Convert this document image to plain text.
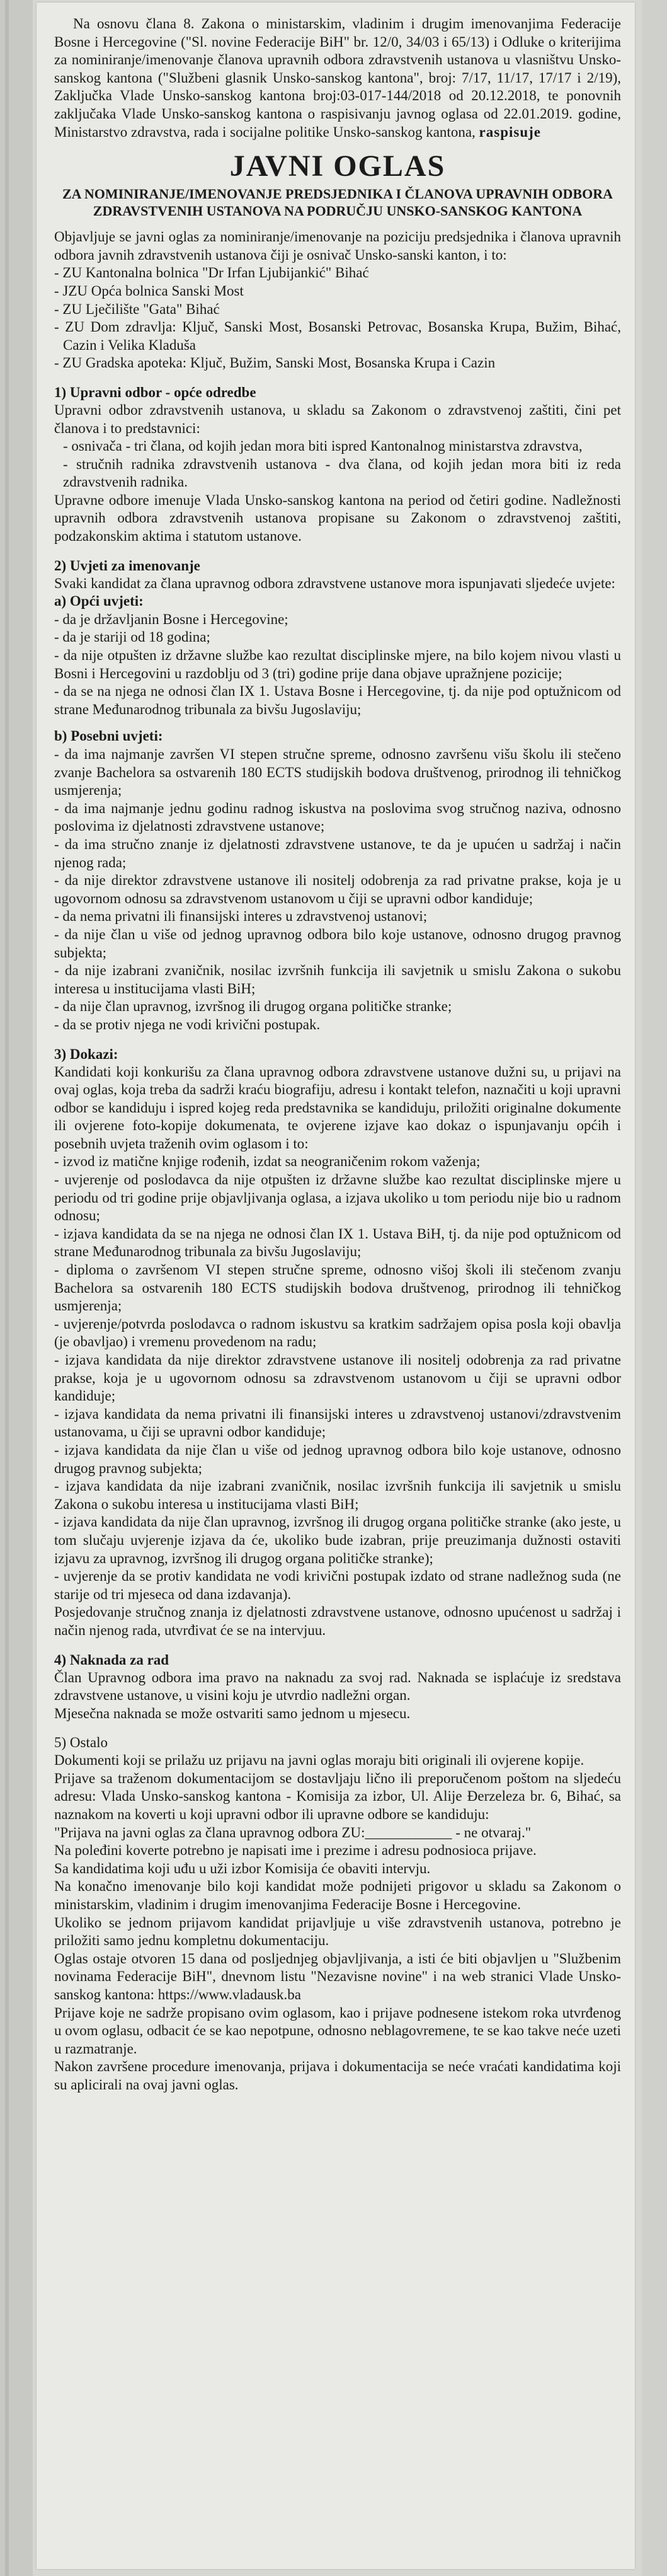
Na osnovu člana 8. Zakona o ministarskim, vladinim i drugim imenovanjima Federacije Bosne i Hercegovine ("Sl. novine Federacije BiH" br. 12/0, 34/03 i 65/13) i Odluke o kriterijima za nominiranje/imenovanje članova upravnih odbora zdravstvenih ustanova u vlasništvu Unsko-sanskog kantona ("Službeni glasnik Unsko-sanskog kantona", broj: 7/17, 11/17, 17/17 i 2/19), Zaključka Vlade Unsko-sanskog kantona broj:03-017-144/2018 od 20.12.2018, te ponovnih zaključaka Vlade Unsko-sanskog kantona o raspisivanju javnog oglasa od 22.01.2019. godine, Ministarstvo zdravstva, rada i socijalne politike Unsko-sanskog kantona, raspisuje

JAVNI OGLAS
ZA NOMINIRANJE/IMENOVANJE PREDSJEDNIKA I ČLANOVA UPRAVNIH ODBORA ZDRAVSTVENIH USTANOVA NA PODRUČJU UNSKO-SANSKOG KANTONA

Objavljuje se javni oglas za nominiranje/imenovanje na poziciju predsjednika i članova upravnih odbora javnih zdravstvenih ustanova čiji je osnivač Unsko-sanski kanton, i to:

- ZU Kantonalna bolnica "Dr Irfan Ljubijankić" Bihać
- JZU Opća bolnica Sanski Most
- ZU Lječilište "Gata" Bihać
- ZU Dom zdravlja: Ključ, Sanski Most, Bosanski Petrovac, Bosanska Krupa, Bužim, Bihać, Cazin i Velika Kladuša
- ZU Gradska apoteka: Ključ, Bužim, Sanski Most, Bosanska Krupa i Cazin
1) Upravni odbor - opće odredbe

Upravni odbor zdravstvenih ustanova, u skladu sa Zakonom o zdravstvenoj zaštiti, čini pet članova i to predstavnici:

- osnivača - tri člana, od kojih jedan mora biti ispred Kantonalnog ministarstva zdravstva,
- stručnih radnika zdravstvenih ustanova - dva člana, od kojih jedan mora biti iz reda zdravstvenih radnika.

Upravne odbore imenuje Vlada Unsko-sanskog kantona na period od četiri godine. Nadležnosti upravnih odbora zdravstvenih ustanova propisane su Zakonom o zdravstvenoj zaštiti, podzakonskim aktima i statutom ustanove.

2) Uvjeti za imenovanje

Svaki kandidat za člana upravnog odbora zdravstvene ustanove mora ispunjavati sljedeće uvjete:

a) Opći uvjeti:
- da je državljanin Bosne i Hercegovine;
- da je stariji od 18 godina;
- da nije otpušten iz državne službe kao rezultat disciplinske mjere, na bilo kojem nivou vlasti u Bosni i Hercegovini u razdoblju od 3 (tri) godine prije dana objave upražnjene pozicije;
- da se na njega ne odnosi član IX 1. Ustava Bosne i Hercegovine, tj. da nije pod optužnicom od strane Međunarodnog tribunala za bivšu Jugoslaviju;
b) Posebni uvjeti:
- da ima najmanje završen VI stepen stručne spreme, odnosno završenu višu školu ili stečeno zvanje Bachelora sa ostvarenih 180 ECTS studijskih bodova društvenog, prirodnog ili tehničkog usmjerenja;
- da ima najmanje jednu godinu radnog iskustva na poslovima svog stručnog naziva, odnosno poslovima iz djelatnosti zdravstvene ustanove;
- da ima stručno znanje iz djelatnosti zdravstvene ustanove, te da je upućen u sadržaj i način njenog rada;
- da nije direktor zdravstvene ustanove ili nositelj odobrenja za rad privatne prakse, koja je u ugovornom odnosu sa zdravstvenom ustanovom u čiji se upravni odbor kandiduje;
- da nema privatni ili finansijski interes u zdravstvenoj ustanovi;
- da nije član u više od jednog upravnog odbora bilo koje ustanove, odnosno drugog pravnog subjekta;
- da nije izabrani zvaničnik, nosilac izvršnih funkcija ili savjetnik u smislu Zakona o sukobu interesa u institucijama vlasti BiH;
- da nije član upravnog, izvršnog ili drugog organa političke stranke;
- da se protiv njega ne vodi krivični postupak.
3) Dokazi:

Kandidati koji konkurišu za člana upravnog odbora zdravstvene ustanove dužni su, u prijavi na ovaj oglas, koja treba da sadrži kraću biografiju, adresu i kontakt telefon, naznačiti u koji upravni odbor se kandiduju i ispred kojeg reda predstavnika se kandiduju, priložiti originalne dokumente ili ovjerene foto-kopije dokumenata, te ovjerene izjave kao dokaz o ispunjavanju općih i posebnih uvjeta traženih ovim oglasom i to:

- izvod iz matične knjige rođenih, izdat sa neograničenim rokom važenja;
- uvjerenje od poslodavca da nije otpušten iz državne službe kao rezultat disciplinske mjere u periodu od tri godine prije objavljivanja oglasa, a izjava ukoliko u tom periodu nije bio u radnom odnosu;
- izjava kandidata da se na njega ne odnosi član IX 1. Ustava BiH, tj. da nije pod optužnicom od strane Međunarodnog tribunala za bivšu Jugoslaviju;
- diploma o završenom VI stepen stručne spreme, odnosno višoj školi ili stečenom zvanju Bachelora sa ostvarenih 180 ECTS studijskih bodova društvenog, prirodnog ili tehničkog usmjerenja;
- uvjerenje/potvrda poslodavca o radnom iskustvu sa kratkim sadržajem opisa posla koji obavlja (je obavljao) i vremenu provedenom na radu;
- izjava kandidata da nije direktor zdravstvene ustanove ili nositelj odobrenja za rad privatne prakse, koja je u ugovornom odnosu sa zdravstvenom ustanovom u čiji se upravni odbor kandiduje;
- izjava kandidata da nema privatni ili finansijski interes u zdravstvenoj ustanovi/zdravstvenim ustanovama, u čiji se upravni odbor kandiduje;
- izjava kandidata da nije član u više od jednog upravnog odbora bilo koje ustanove, odnosno drugog pravnog subjekta;
- izjava kandidata da nije izabrani zvaničnik, nosilac izvršnih funkcija ili savjetnik u smislu Zakona o sukobu interesa u institucijama vlasti BiH;
- izjava kandidata da nije član upravnog, izvršnog ili drugog organa političke stranke (ako jeste, u tom slučaju uvjerenje izjava da će, ukoliko bude izabran, prije preuzimanja dužnosti ostaviti izjavu za upravnog, izvršnog ili drugog organa političke stranke);
- uvjerenje da se protiv kandidata ne vodi krivični postupak izdato od strane nadležnog suda (ne starije od tri mjeseca od dana izdavanja).

Posjedovanje stručnog znanja iz djelatnosti zdravstvene ustanove, odnosno upućenost u sadržaj i način njenog rada, utvrđivat će se na intervjuu.

4) Naknada za rad

Član Upravnog odbora ima pravo na naknadu za svoj rad. Naknada se isplaćuje iz sredstava zdravstvene ustanove, u visini koju je utvrdio nadležni organ.

Mjesečna naknada se može ostvariti samo jednom u mjesecu.

5) Ostalo

Dokumenti koji se prilažu uz prijavu na javni oglas moraju biti originali ili ovjerene kopije.

Prijave sa traženom dokumentacijom se dostavljaju lično ili preporučenom poštom na sljedeću adresu: Vlada Unsko-sanskog kantona - Komisija za izbor, Ul. Alije Đerzeleza br. 6, Bihać, sa naznakom na koverti u koji upravni odbor ili upravne odbore se kandiduju:

"Prijava na javni oglas za člana upravnog odbora ZU:____________ - ne otvaraj."

Na poleđini koverte potrebno je napisati ime i prezime i adresu podnosioca prijave.

Sa kandidatima koji uđu u uži izbor Komisija će obaviti intervju.

Na konačno imenovanje bilo koji kandidat može podnijeti prigovor u skladu sa Zakonom o ministarskim, vladinim i drugim imenovanjima Federacije Bosne i Hercegovine.

Ukoliko se jednom prijavom kandidat prijavljuje u više zdravstvenih ustanova, potrebno je priložiti samo jednu kompletnu dokumentaciju.

Oglas ostaje otvoren 15 dana od posljednjeg objavljivanja, a isti će biti objavljen u "Službenim novinama Federacije BiH", dnevnom listu "Nezavisne novine" i na web stranici Vlade Unsko-sanskog kantona: https://www.vladausk.ba

Prijave koje ne sadrže propisano ovim oglasom, kao i prijave podnesene istekom roka utvrđenog u ovom oglasu, odbacit će se kao nepotpune, odnosno neblagovremene, te se kao takve neće uzeti u razmatranje.

Nakon završene procedure imenovanja, prijava i dokumentacija se neće vraćati kandidatima koji su aplicirali na ovaj javni oglas.
